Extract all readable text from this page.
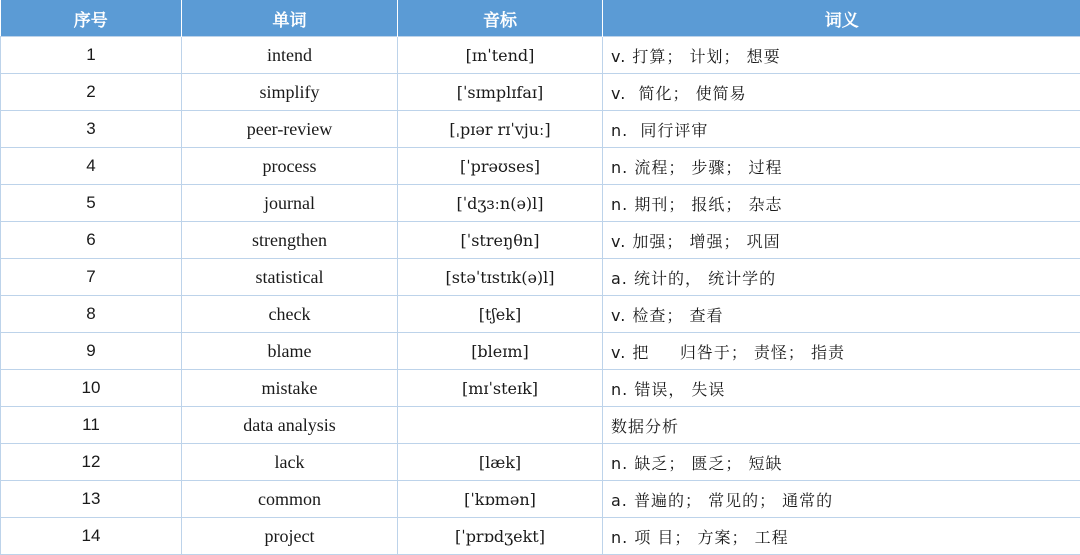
序号	单词	音标	词义
1	intend	[ɪnˈtend]	v. 打算； 计划； 想要
2	simplify	[ˈsɪmplɪfaɪ]	v.  简化； 使简易
3	peer-review	[ˌpɪər rɪˈvjuː]	n.  同行评审
4	process	[ˈprəʊses]	n. 流程； 步骤； 过程
5	journal	[ˈdʒɜːn(ə)l]	n. 期刊； 报纸； 杂志
6	strengthen	[ˈstreŋθn]	v. 加强； 增强； 巩固
7	statistical	[stəˈtɪstɪk(ə)l]	a. 统计的， 统计学的
8	check	[tʃek]	v. 检查； 查看
9	blame	[bleɪm]	v. 把     归咎于； 责怪； 指责
10	mistake	[mɪˈsteɪk]	n. 错误， 失误
11	data analysis		数据分析
12	lack	[læk]	n. 缺乏； 匮乏； 短缺
13	common	[ˈkɒmən]	a. 普遍的； 常见的； 通常的
14	project	[ˈprɒdʒekt]	n. 项 目； 方案； 工程
